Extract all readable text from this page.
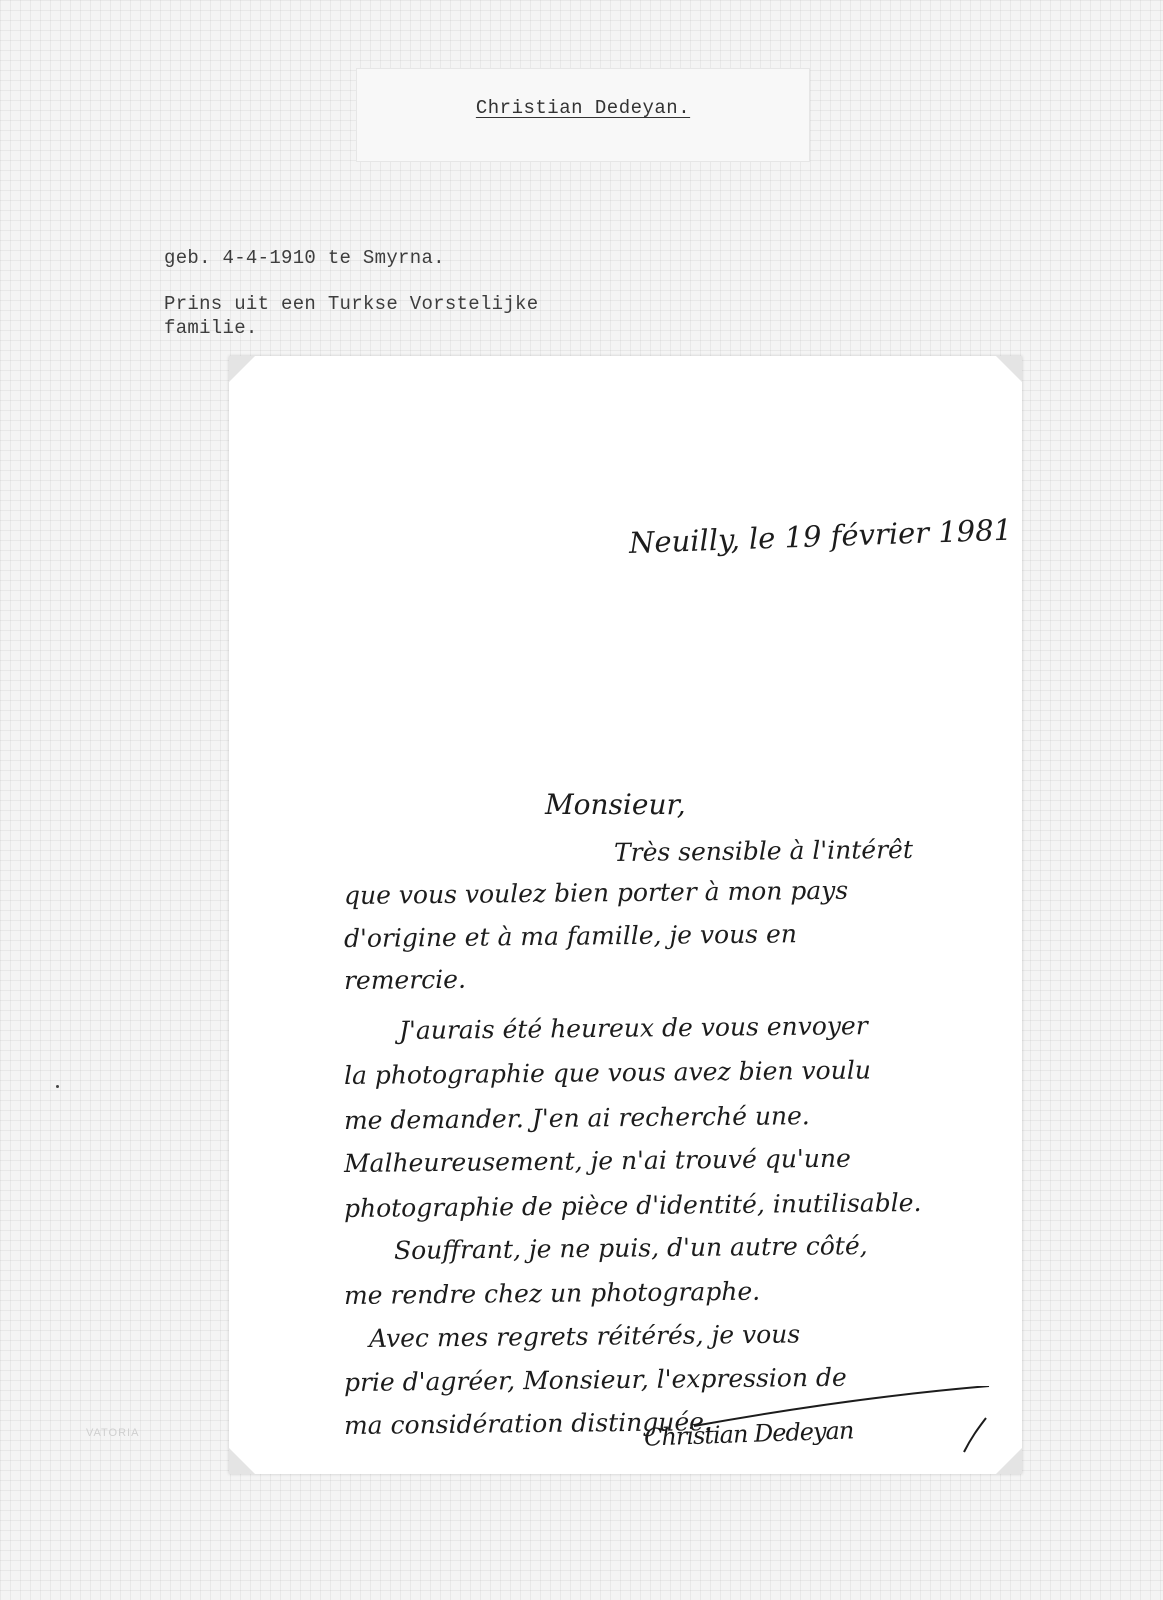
Christian Dedeyan.
geb. 4-4-1910 te Smyrna.
Prins uit een Turkse Vorstelijke
familie.
VATORIA
Neuilly, le 19 février 1981
Monsieur,
Très sensible à l'intérêt
que vous voulez bien porter à mon pays
d'origine et à ma famille, je vous en
remercie.
J'aurais été heureux de vous envoyer
la photographie que vous avez bien voulu
me demander. J'en ai recherché une.
Malheureusement, je n'ai trouvé qu'une
photographie de pièce d'identité, inutilisable.
Souffrant, je ne puis, d'un autre côté,
me rendre chez un photographe.
Avec mes regrets réitérés, je vous
prie d'agréer, Monsieur, l'expression de
ma considération distinguée.
Christian Dedeyan
